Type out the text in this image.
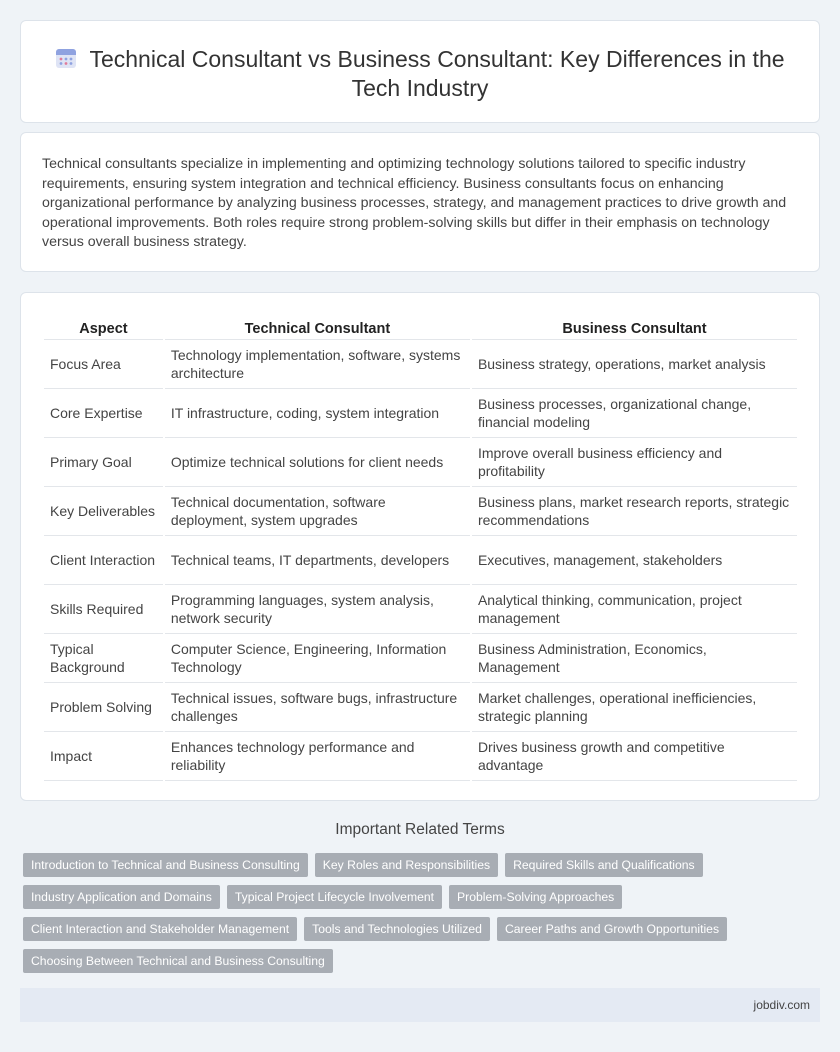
Technical Consultant vs Business Consultant: Key Differences in the Tech Industry

Technical consultants specialize in implementing and optimizing technology solutions tailored to specific industry requirements, ensuring system integration and technical efficiency. Business consultants focus on enhancing organizational performance by analyzing business processes, strategy, and management practices to drive growth and operational improvements. Both roles require strong problem-solving skills but differ in their emphasis on technology versus overall business strategy.

Aspect	Technical Consultant	Business Consultant
Focus Area	Technology implementation, software, systems architecture	Business strategy, operations, market analysis
Core Expertise	IT infrastructure, coding, system integration	Business processes, organizational change, financial modeling
Primary Goal	Optimize technical solutions for client needs	Improve overall business efficiency and profitability
Key Deliverables	Technical documentation, software deployment, system upgrades	Business plans, market research reports, strategic recommendations
Client Interaction	Technical teams, IT departments, developers	Executives, management, stakeholders
Skills Required	Programming languages, system analysis, network security	Analytical thinking, communication, project management
Typical Background	Computer Science, Engineering, Information Technology	Business Administration, Economics, Management
Problem Solving	Technical issues, software bugs, infrastructure challenges	Market challenges, operational inefficiencies, strategic planning
Impact	Enhances technology performance and reliability	Drives business growth and competitive advantage
Important Related Terms
Introduction to Technical and Business Consulting	Key Roles and Responsibilities	Required Skills and Qualifications
Industry Application and Domains	Typical Project Lifecycle Involvement	Problem-Solving Approaches
Client Interaction and Stakeholder Management	Tools and Technologies Utilized	Career Paths and Growth Opportunities
Choosing Between Technical and Business Consulting
jobdiv.com
